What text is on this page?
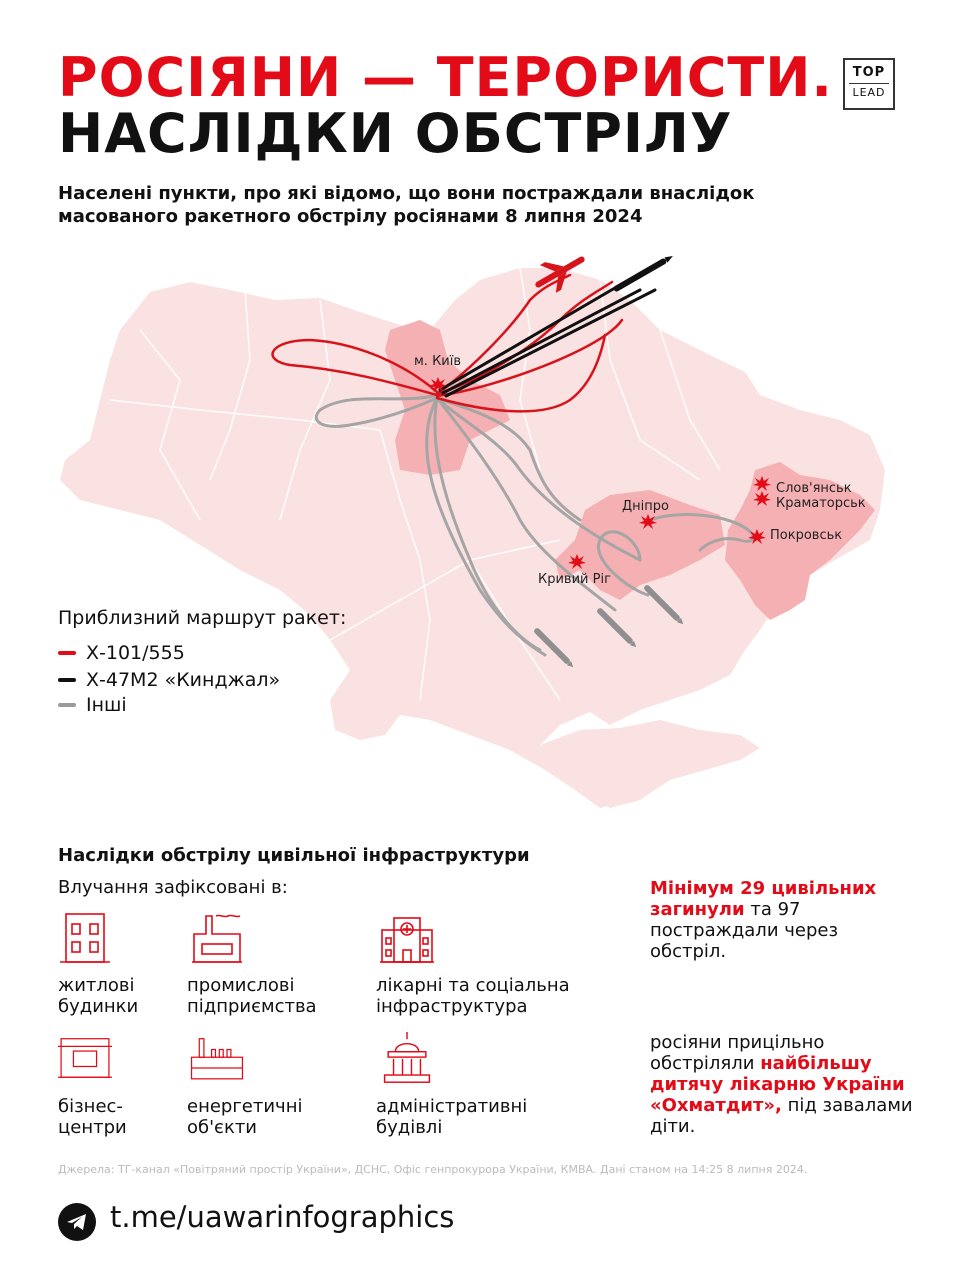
РОСІЯНИ — ТЕРОРИСТИ.
НАСЛІДКИ ОБСТРІЛУ
TOP
LEAD
Населені пункти, про які відомо, що вони постраждали внаслідок масованого ракетного обстрілу росіянами 8 липня 2024
м. Київ
Дніпро
Кривий Ріг
Слов'янськ
Краматорськ
Покровськ
Приблизний маршрут ракет:
Х-101/555
Х-47М2 «Кинджал»
Інші
Наслідки обстрілу цивільної інфраструктури
Влучання зафіксовані в:
житлові
будинки
промислові
підприємства
лікарні та соціальна
інфраструктура
бізнес-
центри
енергетичні
об'єкти
адміністративні
будівлі
Мінімум 29 цивільних загинули та 97 постраждали через обстріл.
росіяни прицільно обстріляли найбільшу дитячу лікарню України «Охматдит», під завалами діти.
Джерела: ТГ-канал «Повітряний простір України», ДСНС, Офіс генпрокурора України, КМВА. Дані станом на 14:25 8 липня 2024.
t.me/uawarinfographics
